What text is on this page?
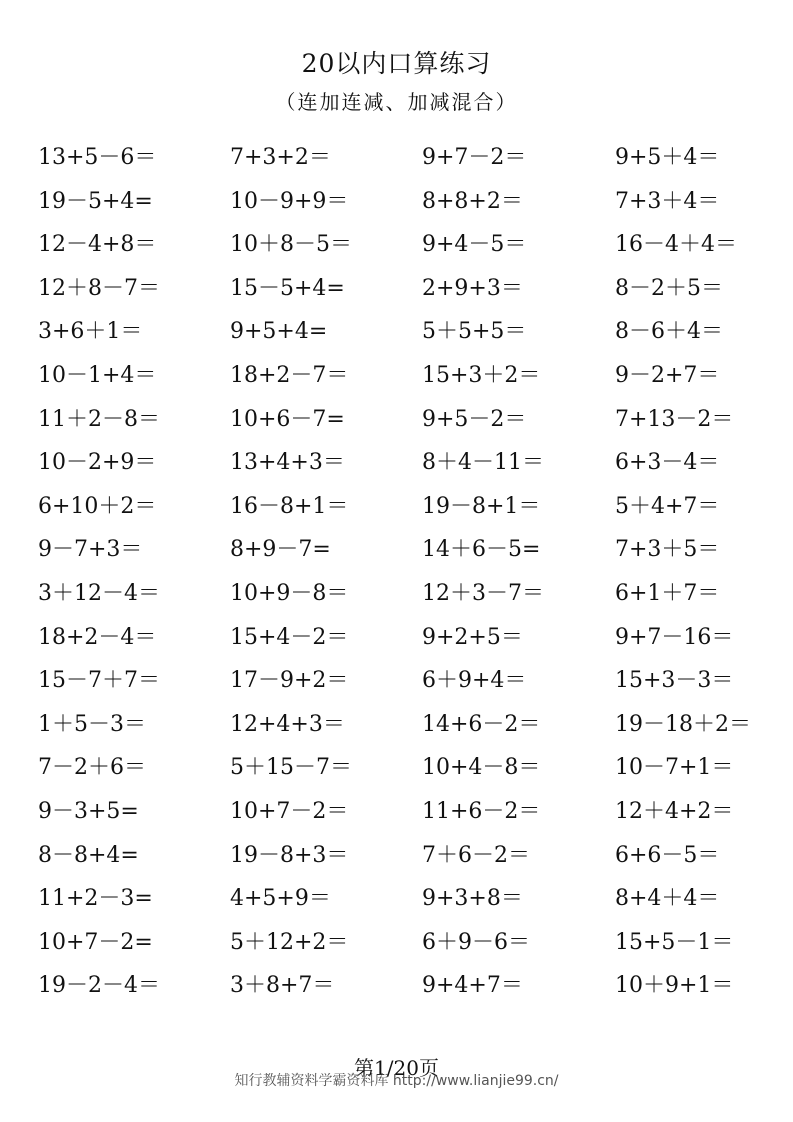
20以内口算练习
（连加连减、加减混合）
13+5－6＝	7+3+2＝	9+7－2＝	9+5＋4＝
19－5+4=	10－9+9＝	8+8+2＝	7+3＋4＝
12－4+8＝	10＋8－5＝	9+4－5＝	16－4＋4＝
12＋8－7＝	15－5+4=	2+9+3＝	8－2＋5＝
3+6＋1＝	9+5+4=	5＋5+5＝	8－6＋4＝
10－1+4＝	18+2－7＝	15+3＋2＝	9－2+7＝
11＋2－8＝	10+6－7=	9+5－2＝	7+13－2＝
10－2+9＝	13+4+3＝	8＋4－11＝	6+3－4＝
6+10＋2＝	16－8+1＝	19－8+1＝	5＋4+7＝
9－7+3＝	8+9－7=	14＋6－5=	7+3＋5＝
3＋12－4＝	10+9－8＝	12＋3－7＝	6+1＋7＝
18+2－4＝	15+4－2＝	9+2+5＝	9+7－16＝
15－7＋7＝	17－9+2＝	6＋9+4＝	15+3－3＝
1＋5－3＝	12+4+3＝	14+6－2＝	19－18＋2＝
7－2＋6＝	5＋15－7＝	10+4－8＝	10－7+1＝
9－3+5=	10+7－2＝	11+6－2＝	12＋4+2＝
8－8+4=	19－8+3＝	7＋6－2＝	6+6－5＝
11+2－3=	4+5+9＝	9+3+8＝	8+4＋4＝
10+7－2=	5＋12+2＝	6＋9－6＝	15+5－1＝
19－2－4＝	3＋8+7＝	9+4+7＝	10＋9+1＝
第1/20页
知行教辅资料学霸资料库 http://www.lianjie99.cn/
